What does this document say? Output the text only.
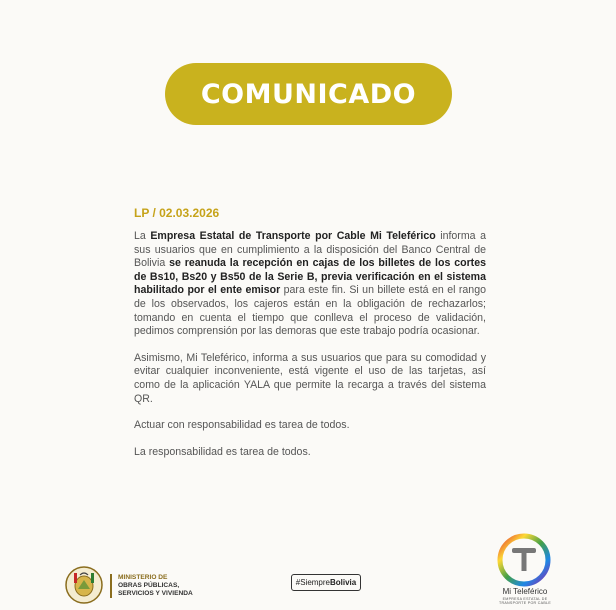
COMUNICADO
LP / 02.03.2026

La Empresa Estatal de Transporte por Cable Mi Teleférico informa a sus usuarios que en cumplimiento a la disposición del Banco Central de Bolivia se reanuda la recepción en cajas de los billetes de los cortes de Bs10, Bs20 y Bs50 de la Serie B, previa verificación en el sistema habilitado por el ente emisor para este fin. Si un billete está en el rango de los observados, los cajeros están en la obligación de rechazarlos; tomando en cuenta el tiempo que conlleva el proceso de validación, pedimos comprensión por las demoras que este trabajo podría ocasionar.

Asimismo, Mi Teleférico, informa a sus usuarios que para su comodidad y evitar cualquier inconveniente, está vigente el uso de las tarjetas, así como de la aplicación YALA que permite la recarga a través del sistema QR.

Actuar con responsabilidad es tarea de todos.

La responsabilidad es tarea de todos.

MINISTERIO DE
OBRAS PÚBLICAS,
SERVICIOS Y VIVIENDA
#SiempreBolivia
Mi Teleférico
EMPRESA ESTATAL DE TRANSPORTE POR CABLE
